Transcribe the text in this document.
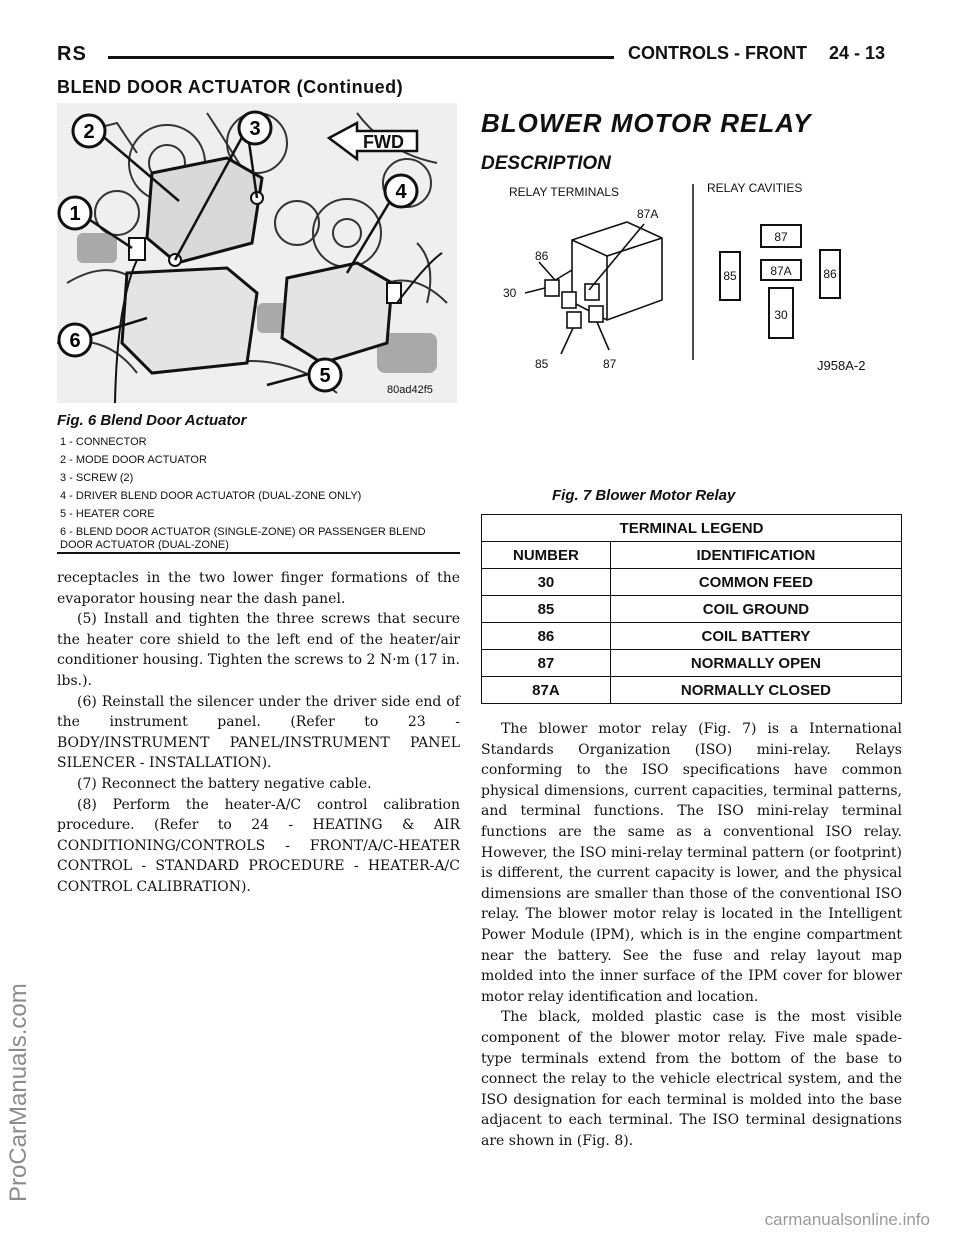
RS	CONTROLS - FRONT 24 - 13
BLEND DOOR ACTUATOR (Continued)
ProCarManuals.com
FWD
2	3
1
4
6
5
80ad42f5
Fig. 6 Blend Door Actuator
1 - CONNECTOR
2 - MODE DOOR ACTUATOR
3 - SCREW (2)
4 - DRIVER BLEND DOOR ACTUATOR (DUAL-ZONE ONLY)
5 - HEATER CORE
6 - BLEND DOOR ACTUATOR (SINGLE-ZONE) OR PASSENGER BLEND DOOR ACTUATOR (DUAL-ZONE)

receptacles in the two lower finger formations of the evaporator housing near the dash panel.

(5) Install and tighten the three screws that secure the heater core shield to the left end of the heater/air conditioner housing. Tighten the screws to 2 N·m (17 in. lbs.).

(6) Reinstall the silencer under the driver side end of the instrument panel. (Refer to 23 - BODY/INSTRUMENT PANEL/INSTRUMENT PANEL SILENCER - INSTALLATION).

(7) Reconnect the battery negative cable.

(8) Perform the heater-A/C control calibration procedure. (Refer to 24 - HEATING & AIR CONDITIONING/CONTROLS - FRONT/A/C-HEATER CONTROL - STANDARD PROCEDURE - HEATER-A/C CONTROL CALIBRATION).

BLOWER MOTOR RELAY
DESCRIPTION
RELAY TERMINALS	RELAY CAVITIES
86
87A
30
85	87
87
85	87A	86
30
J958A-2
Fig. 7 Blower Motor Relay
TERMINAL LEGEND	
NUMBER	IDENTIFICATION
30	COMMON FEED
85	COIL GROUND
86	COIL BATTERY
87	NORMALLY OPEN
87A	NORMALLY CLOSED

The blower motor relay (Fig. 7) is a International Standards Organization (ISO) mini-relay. Relays conforming to the ISO specifications have common physical dimensions, current capacities, terminal patterns, and terminal functions. The ISO mini-relay terminal functions are the same as a conventional ISO relay. However, the ISO mini-relay terminal pattern (or footprint) is different, the current capacity is lower, and the physical dimensions are smaller than those of the conventional ISO relay. The blower motor relay is located in the Intelligent Power Module (IPM), which is in the engine compartment near the battery. See the fuse and relay layout map molded into the inner surface of the IPM cover for blower motor relay identification and location.

The black, molded plastic case is the most visible component of the blower motor relay. Five male spade-type terminals extend from the bottom of the base to connect the relay to the vehicle electrical system, and the ISO designation for each terminal is molded into the base adjacent to each terminal. The ISO terminal designations are shown in (Fig. 8).

carmanualsonline.info
